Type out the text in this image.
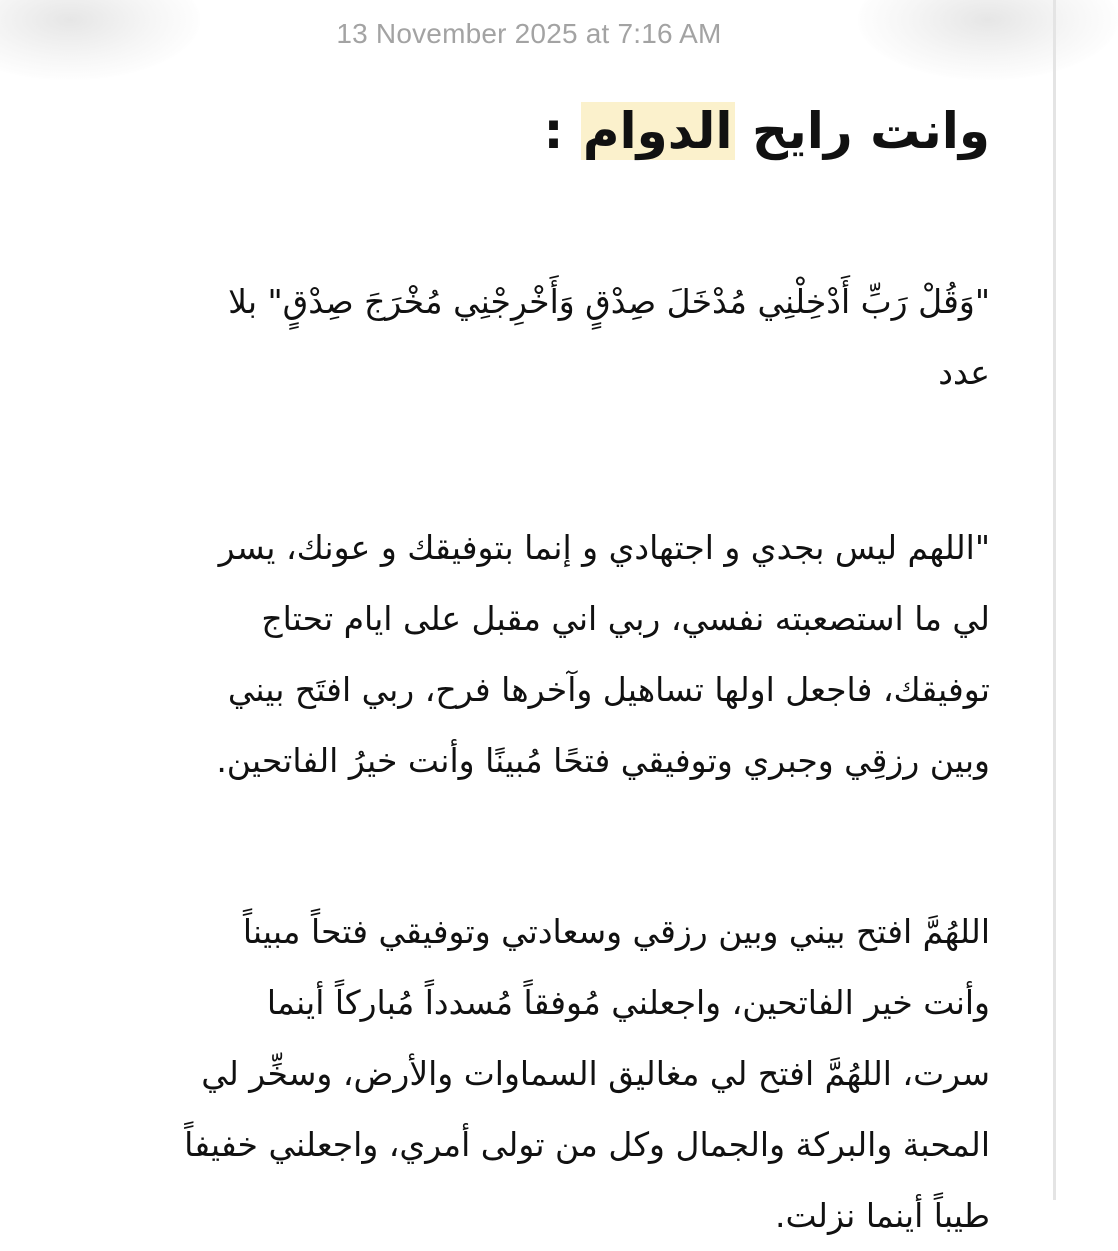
13 November 2025 at 7:16 AM
وانت رايح الدوام :
"وَقُلْ رَبِّ أَدْخِلْنِي مُدْخَلَ صِدْقٍ وَأَخْرِجْنِي مُخْرَجَ صِدْقٍ" بلا
عدد
"اللهم ليس بجدي و اجتهادي و إنما بتوفيقك و عونك، يسر
لي ما استصعبته نفسي، ربي اني مقبل على ايام تحتاج
توفيقك، فاجعل اولها تساهيل وآخرها فرح، ربي افتَح بيني
وبين رزقِي وجبري وتوفيقي فتحًا مُبينًا وأنت خيرُ الفاتحين.
اللهُمَّ افتح بيني وبين رزقي وسعادتي وتوفيقي فتحاً مبيناً
وأنت خير الفاتحين، واجعلني مُوفقاً مُسدداً مُباركاً أينما
سرت، اللهُمَّ افتح لي مغاليق السماوات والأرض، وسخِّر لي
المحبة والبركة والجمال وكل من تولى أمري، واجعلني خفيفاً
طيباً أينما نزلت.
